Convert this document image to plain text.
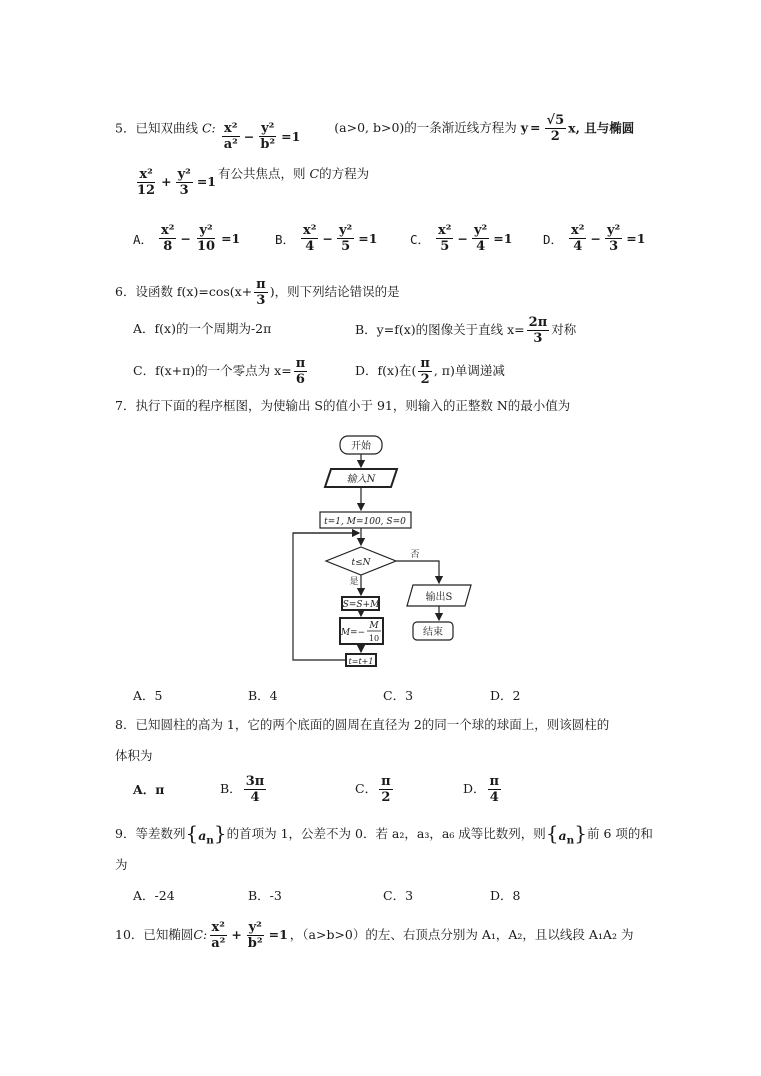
5．已知双曲线 C: x²
a²
− $\frac{\text{y²}}{\text{b²}} =1$
(a>0, b>0)的一条渐近线方程为 $y = \frac{√5}{2} x$, 且与椭圆
x²
12
+ $\frac{\text{y²}}{3} =1$
有公共焦点，则 C的方程为
A．
x²
8
− $\frac{\text{y²}}{10} =1$	B．
x²
4
− $\frac{\text{y²}}{5} =1$	C．
x²
5
− $\frac{\text{y²}}{4} =1$ D．
x²
4
− $\frac{\text{y²}}{3} =1$
6． 设函数 $f(x)=\cos(x+ \frac{\pi}{3}$ )，则下列结论错误的是
A．f(x)的一个周期为-2π	B．y=f(x)的图像关于直线 $x= \frac{2\pi}{3}$ 对称
C．f(x+π)的一个零点为 $x= \frac{\pi}{6}$	D．f(x)在( π
2
, π)单调递减
7．执行下面的程序框图，为使输出 S的值小于 91，则输入的正整数 N的最小值为
开始
输入N
t=1, M=100, S=0
t≤N
否
是
S=S+M
M=−
M
10
t=t+1
输出S
结束
A．5	B．4	C．3	D．2
8．已知圆柱的高为 1，它的两个底面的圆周在直径为 2的同一个球的球面上，则该圆柱的
体积为
A．π	B． 3π
4
C． π
2
D． π
4
9．等差数列 $\{a_n\}$ 的首项为 1，公差不为 0．若 a₂，a₃，a₆ 成等比数列，则 $\{a_n\}$ 前 6 项的和
为
A．-24	B．-3	C．3	D．8
10．已知椭圆 C: x²
a²
+ $\frac{\text{y²}}{\text{b²}} =1$ ，（a>b>0）的左、右顶点分别为 A₁，A₂，且以线段 A₁A₂ 为
